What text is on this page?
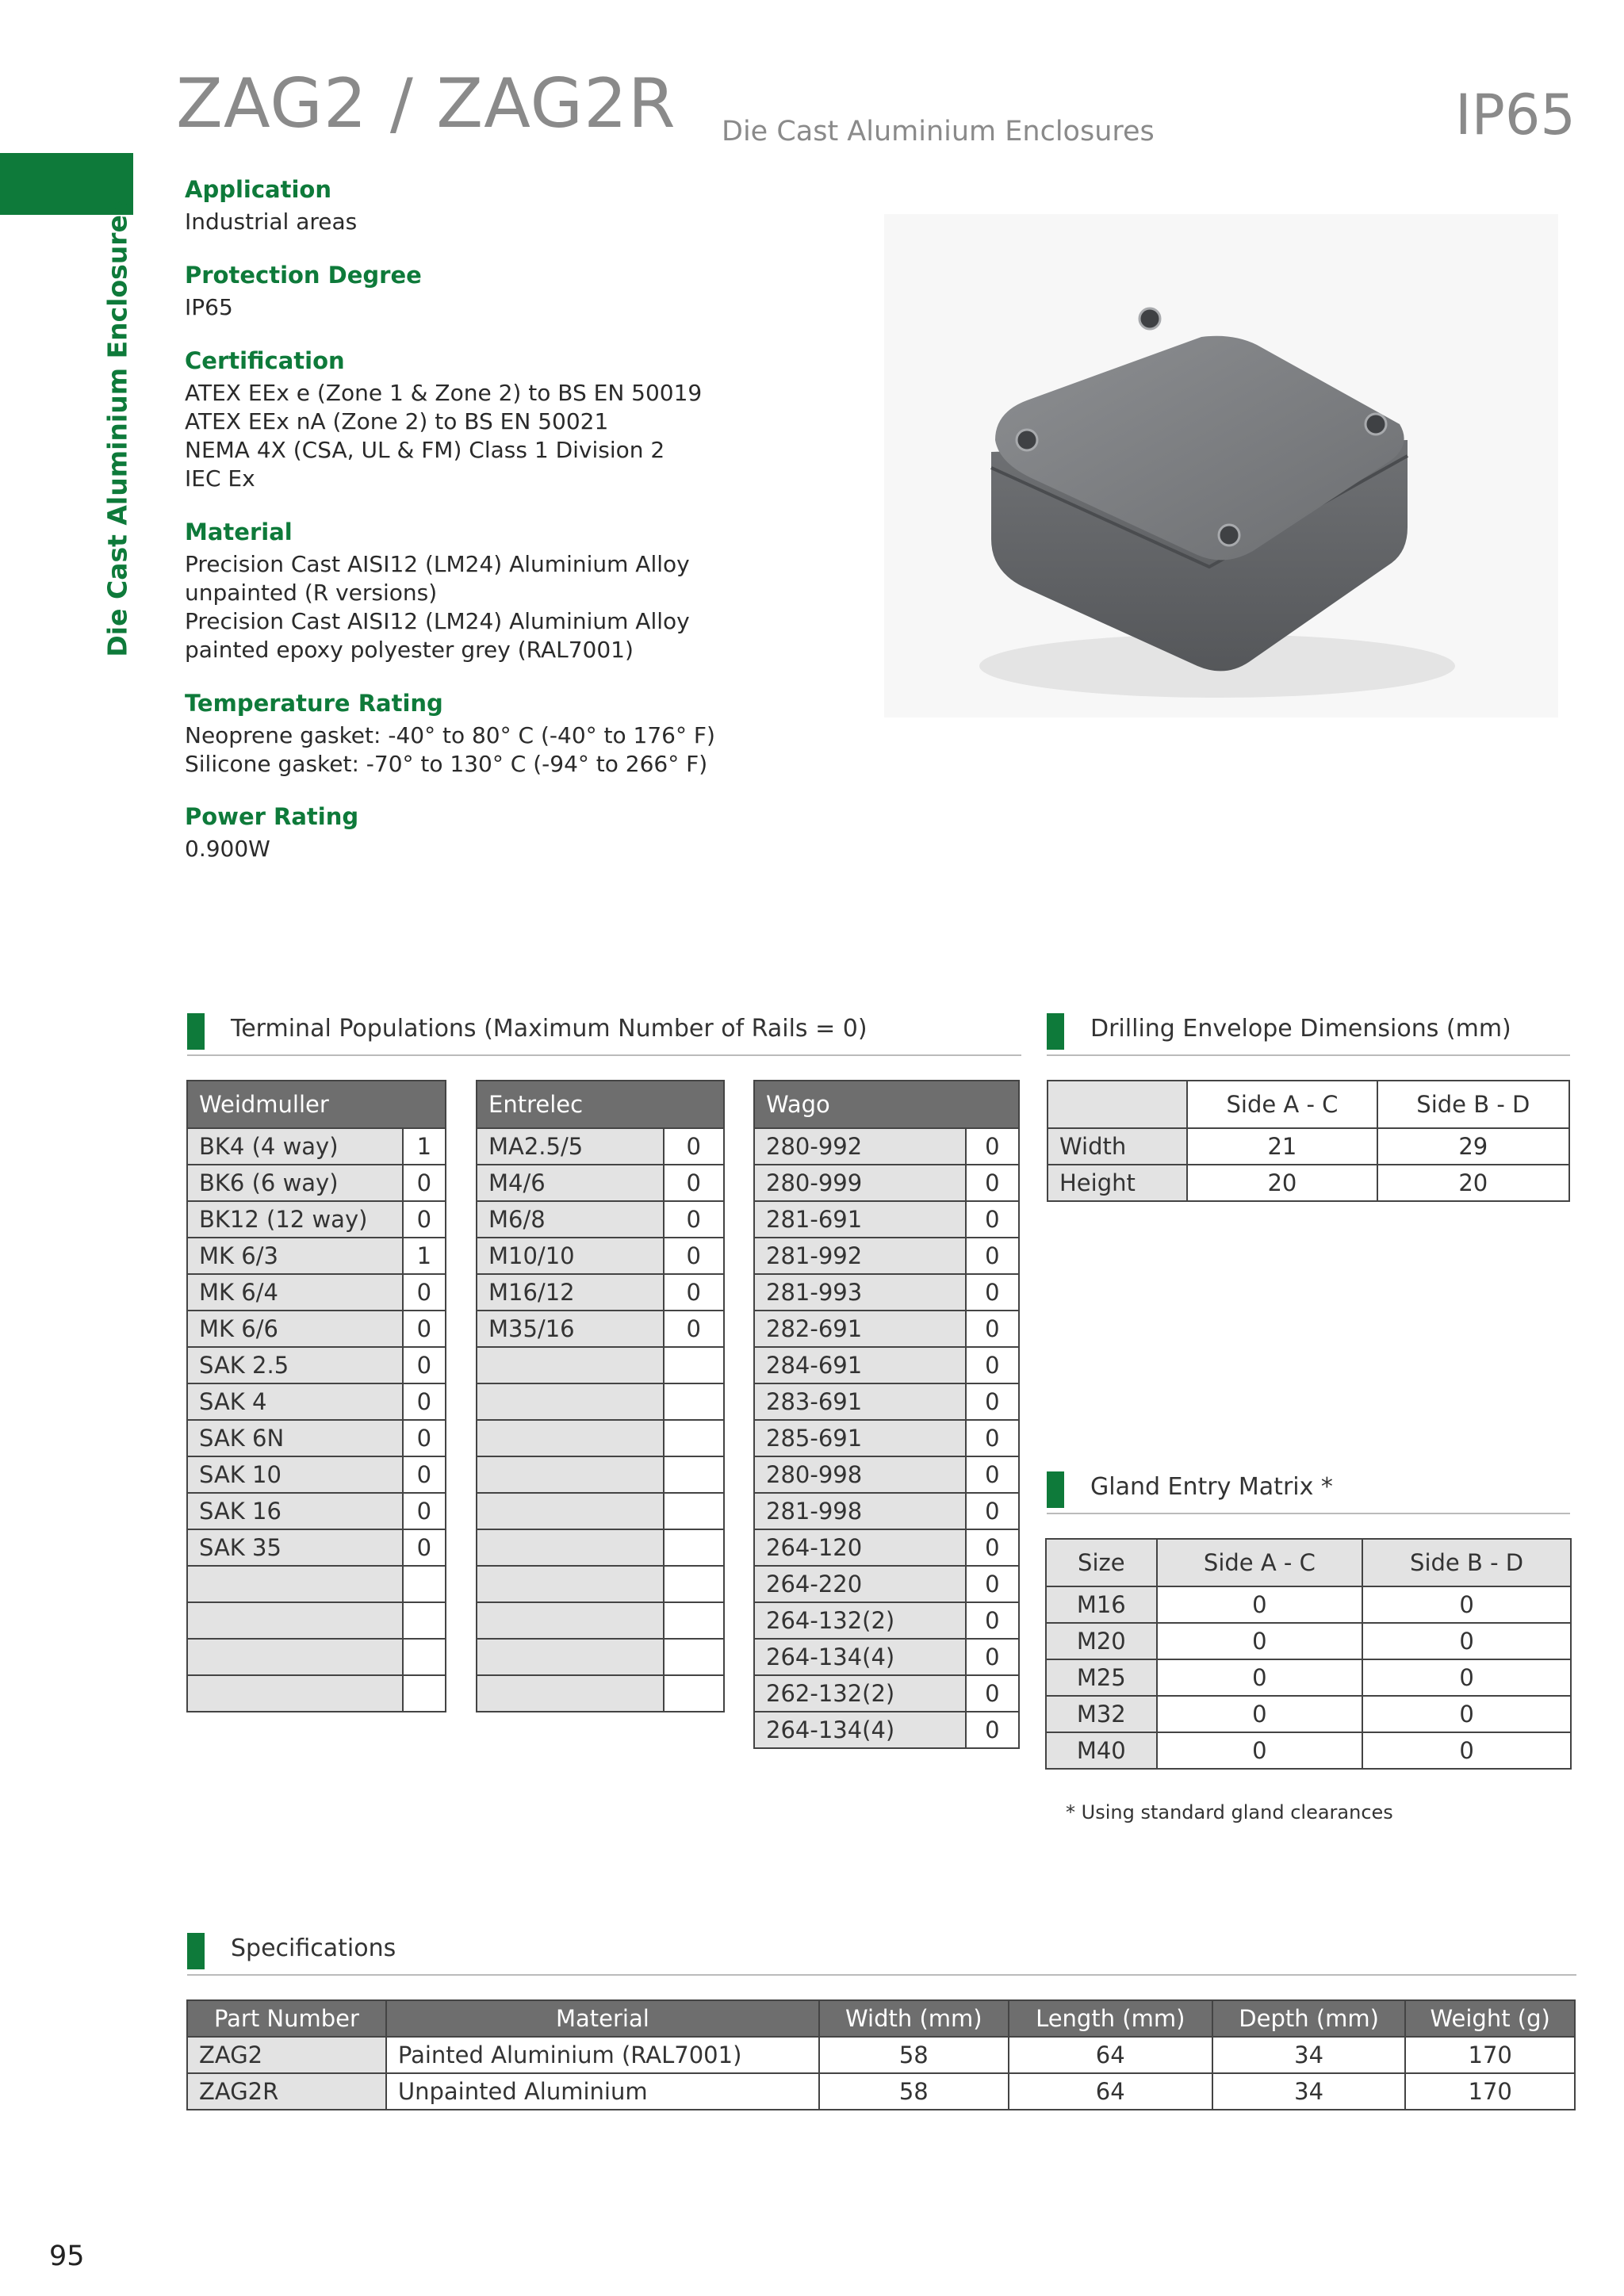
ZAG2 / ZAG2R Die Cast Aluminium Enclosures	IP65
Die Cast Aluminium Enclosures
Application
Industrial areas
Protection Degree
IP65
Certification
ATEX EEx e (Zone 1 & Zone 2) to BS EN 50019
ATEX EEx nA (Zone 2) to BS EN 50021
NEMA 4X (CSA, UL & FM) Class 1 Division 2
IEC Ex
Material
Precision Cast AISI12 (LM24) Aluminium Alloy
unpainted (R versions)
Precision Cast AISI12 (LM24) Aluminium Alloy
painted epoxy polyester grey (RAL7001)
Temperature Rating
Neoprene gasket: -40° to 80° C (-40° to 176° F)
Silicone gasket: -70° to 130° C (-94° to 266° F)
Power Rating
0.900W
Terminal Populations (Maximum Number of Rails = 0)	Drilling Envelope Dimensions (mm)
Gland Entry Matrix *
Specifications
Weidmuller	
BK4 (4 way)	1
BK6 (6 way)	0
BK12 (12 way)	0
MK 6/3	1
MK 6/4	0
MK 6/6	0
SAK 2.5	0
SAK 4	0
SAK 6N	0
SAK 10	0
SAK 16	0
SAK 35	0

Entrelec	
MA2.5/5	0
M4/6	0
M6/8	0
M10/10	0
M16/12	0
M35/16	0

Wago	
280-992	0
280-999	0
281-691	0
281-992	0
281-993	0
282-691	0
284-691	0
283-691	0
285-691	0
280-998	0
281-998	0
264-120	0
264-220	0
264-132(2)	0
264-134(4)	0
262-132(2)	0
264-134(4)	0
	Side A - C	Side B - D
Width	21	29
Height	20	20
Size	Side A - C	Side B - D
M16	0	0
M20	0	0
M25	0	0
M32	0	0
M40	0	0
* Using standard gland clearances
Part Number	Material	Width (mm)	Length (mm)	Depth (mm)	Weight (g)
ZAG2	Painted Aluminium (RAL7001)	58	64	34	170
ZAG2R	Unpainted Aluminium	58	64	34	170
95
